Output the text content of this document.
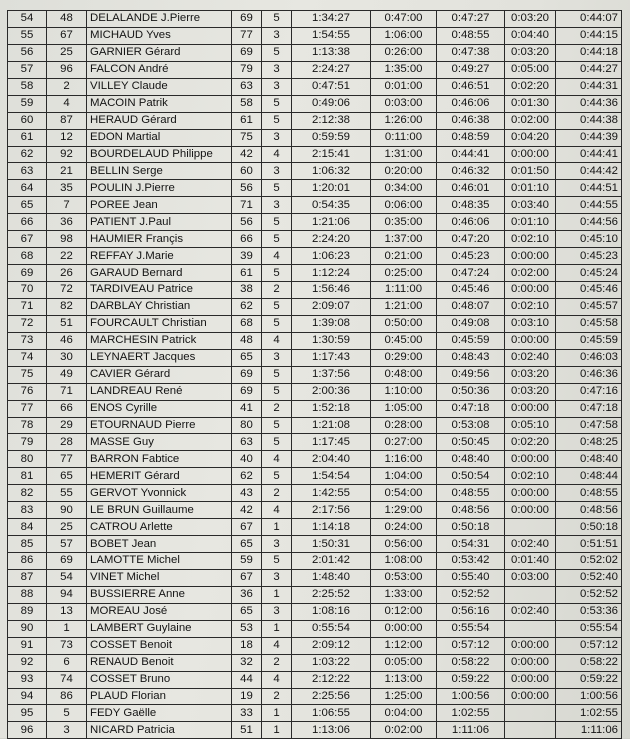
54	48	DELALANDE J.Pierre	69	5	1:34:27	0:47:00	0:47:27	0:03:20	0:44:07
55	67	MICHAUD Yves	77	3	1:54:55	1:06:00	0:48:55	0:04:40	0:44:15
56	25	GARNIER Gérard	69	5	1:13:38	0:26:00	0:47:38	0:03:20	0:44:18
57	96	FALCON André	79	3	2:24:27	1:35:00	0:49:27	0:05:00	0:44:27
58	2	VILLEY Claude	63	3	0:47:51	0:01:00	0:46:51	0:02:20	0:44:31
59	4	MACOIN Patrik	58	5	0:49:06	0:03:00	0:46:06	0:01:30	0:44:36
60	87	HERAUD Gérard	61	5	2:12:38	1:26:00	0:46:38	0:02:00	0:44:38
61	12	EDON Martial	75	3	0:59:59	0:11:00	0:48:59	0:04:20	0:44:39
62	92	BOURDELAUD Philippe	42	4	2:15:41	1:31:00	0:44:41	0:00:00	0:44:41
63	21	BELLIN Serge	60	3	1:06:32	0:20:00	0:46:32	0:01:50	0:44:42
64	35	POULIN J.Pierre	56	5	1:20:01	0:34:00	0:46:01	0:01:10	0:44:51
65	7	POREE Jean	71	3	0:54:35	0:06:00	0:48:35	0:03:40	0:44:55
66	36	PATIENT J.Paul	56	5	1:21:06	0:35:00	0:46:06	0:01:10	0:44:56
67	98	HAUMIER Françis	66	5	2:24:20	1:37:00	0:47:20	0:02:10	0:45:10
68	22	REFFAY J.Marie	39	4	1:06:23	0:21:00	0:45:23	0:00:00	0:45:23
69	26	GARAUD Bernard	61	5	1:12:24	0:25:00	0:47:24	0:02:00	0:45:24
70	72	TARDIVEAU Patrice	38	2	1:56:46	1:11:00	0:45:46	0:00:00	0:45:46
71	82	DARBLAY Christian	62	5	2:09:07	1:21:00	0:48:07	0:02:10	0:45:57
72	51	FOURCAULT Christian	68	5	1:39:08	0:50:00	0:49:08	0:03:10	0:45:58
73	46	MARCHESIN Patrick	48	4	1:30:59	0:45:00	0:45:59	0:00:00	0:45:59
74	30	LEYNAERT Jacques	65	3	1:17:43	0:29:00	0:48:43	0:02:40	0:46:03
75	49	CAVIER Gérard	69	5	1:37:56	0:48:00	0:49:56	0:03:20	0:46:36
76	71	LANDREAU René	69	5	2:00:36	1:10:00	0:50:36	0:03:20	0:47:16
77	66	ENOS Cyrille	41	2	1:52:18	1:05:00	0:47:18	0:00:00	0:47:18
78	29	ETOURNAUD Pierre	80	5	1:21:08	0:28:00	0:53:08	0:05:10	0:47:58
79	28	MASSE Guy	63	5	1:17:45	0:27:00	0:50:45	0:02:20	0:48:25
80	77	BARRON Fabtice	40	4	2:04:40	1:16:00	0:48:40	0:00:00	0:48:40
81	65	HEMERIT Gérard	62	5	1:54:54	1:04:00	0:50:54	0:02:10	0:48:44
82	55	GERVOT Yvonnick	43	2	1:42:55	0:54:00	0:48:55	0:00:00	0:48:55
83	90	LE BRUN Guillaume	42	4	2:17:56	1:29:00	0:48:56	0:00:00	0:48:56
84	25	CATROU Arlette	67	1	1:14:18	0:24:00	0:50:18		0:50:18
85	57	BOBET Jean	65	3	1:50:31	0:56:00	0:54:31	0:02:40	0:51:51
86	69	LAMOTTE Michel	59	5	2:01:42	1:08:00	0:53:42	0:01:40	0:52:02
87	54	VINET Michel	67	3	1:48:40	0:53:00	0:55:40	0:03:00	0:52:40
88	94	BUSSIERRE Anne	36	1	2:25:52	1:33:00	0:52:52		0:52:52
89	13	MOREAU José	65	3	1:08:16	0:12:00	0:56:16	0:02:40	0:53:36
90	1	LAMBERT Guylaine	53	1	0:55:54	0:00:00	0:55:54		0:55:54
91	73	COSSET Benoit	18	4	2:09:12	1:12:00	0:57:12	0:00:00	0:57:12
92	6	RENAUD Benoit	32	2	1:03:22	0:05:00	0:58:22	0:00:00	0:58:22
93	74	COSSET Bruno	44	4	2:12:22	1:13:00	0:59:22	0:00:00	0:59:22
94	86	PLAUD Florian	19	2	2:25:56	1:25:00	1:00:56	0:00:00	1:00:56
95	5	FEDY Gaëlle	33	1	1:06:55	0:04:00	1:02:55		1:02:55
96	3	NICARD Patricia	51	1	1:13:06	0:02:00	1:11:06		1:11:06
